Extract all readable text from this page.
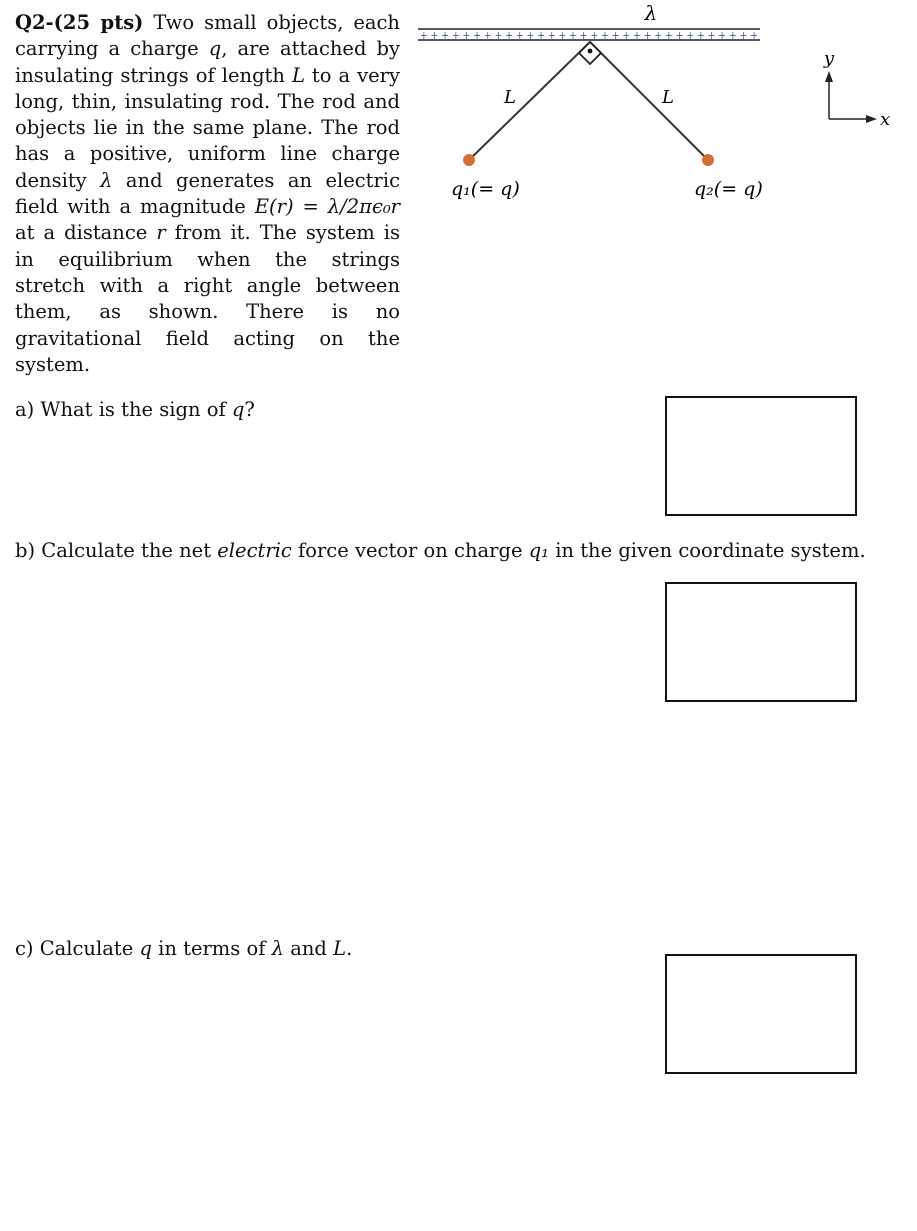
Q2-(25 pts) Two small objects, each carrying a charge q, are attached by insulating strings of length L to a very long, thin, insulating rod. The rod and objects lie in the same plane. The rod has a positive, uniform line charge density λ and generates an electric field with a magnitude E(r) = λ/2πϵ₀r at a distance r from it. The system is in equilibrium when the strings stretch with a right angle between them, as shown. There is no gravitational field acting on the system.
λ
+ + + + + + + + + + + + + + + + + + + + + + + + + + + + + + + +
L	L
q₁(= q)	q₂(= q)
y
x
a) What is the sign of q?
b) Calculate the net electric force vector on charge q₁ in the given coordinate system.
c) Calculate q in terms of λ and L.
